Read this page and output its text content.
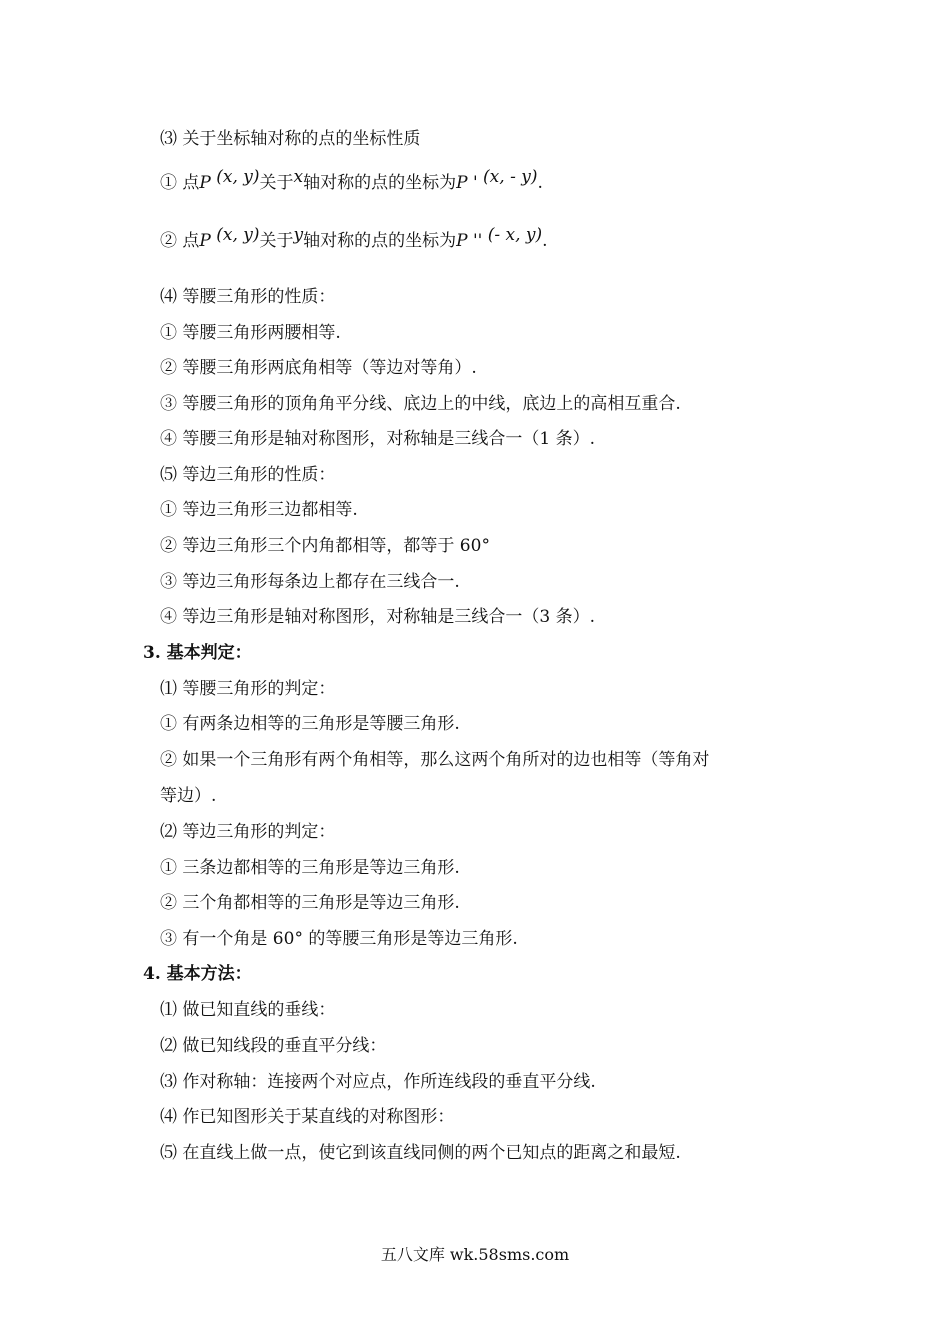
⑶ 关于坐标轴对称的点的坐标性质
① 点P (x, y)关于x轴对称的点的坐标为P ' (x, - y).
② 点P (x, y)关于y轴对称的点的坐标为P '' (- x, y).
⑷ 等腰三角形的性质：
① 等腰三角形两腰相等.
② 等腰三角形两底角相等（等边对等角）.
③ 等腰三角形的顶角角平分线、底边上的中线，底边上的高相互重合.
④ 等腰三角形是轴对称图形，对称轴是三线合一（1 条）.
⑸ 等边三角形的性质：
① 等边三角形三边都相等.
② 等边三角形三个内角都相等，都等于 60°
③ 等边三角形每条边上都存在三线合一.
④ 等边三角形是轴对称图形，对称轴是三线合一（3 条）.
3. 基本判定：
⑴ 等腰三角形的判定：
① 有两条边相等的三角形是等腰三角形.
② 如果一个三角形有两个角相等，那么这两个角所对的边也相等（等角对
等边）.
⑵ 等边三角形的判定：
① 三条边都相等的三角形是等边三角形.
② 三个角都相等的三角形是等边三角形.
③ 有一个角是 60° 的等腰三角形是等边三角形.
4. 基本方法：
⑴ 做已知直线的垂线：
⑵ 做已知线段的垂直平分线：
⑶ 作对称轴：连接两个对应点，作所连线段的垂直平分线.
⑷ 作已知图形关于某直线的对称图形：
⑸ 在直线上做一点，使它到该直线同侧的两个已知点的距离之和最短.
五八文库 wk.58sms.com
